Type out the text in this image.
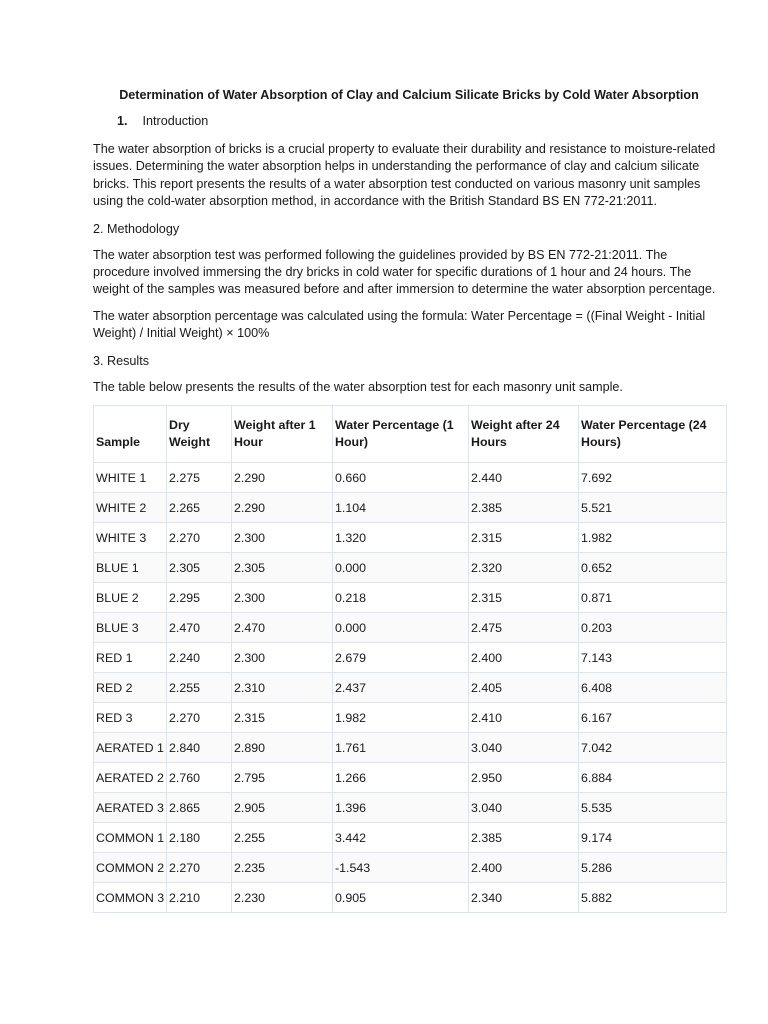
Determination of Water Absorption of Clay and Calcium Silicate Bricks by Cold Water Absorption
1. Introduction

The water absorption of bricks is a crucial property to evaluate their durability and resistance to moisture-related issues. Determining the water absorption helps in understanding the performance of clay and calcium silicate bricks. This report presents the results of a water absorption test conducted on various masonry unit samples using the cold-water absorption method, in accordance with the British Standard BS EN 772-21:2011.

2. Methodology

The water absorption test was performed following the guidelines provided by BS EN 772-21:2011. The procedure involved immersing the dry bricks in cold water for specific durations of 1 hour and 24 hours. The weight of the samples was measured before and after immersion to determine the water absorption percentage.

The water absorption percentage was calculated using the formula: Water Percentage = ((Final Weight - Initial Weight) / Initial Weight) × 100%

3. Results

The table below presents the results of the water absorption test for each masonry unit sample.

Sample	Dry Weight	Weight after 1 Hour	Water Percentage (1 Hour)	Weight after 24 Hours	Water Percentage (24 Hours)
WHITE 1	2.275	2.290	0.660	2.440	7.692
WHITE 2	2.265	2.290	1.104	2.385	5.521
WHITE 3	2.270	2.300	1.320	2.315	1.982
BLUE 1	2.305	2.305	0.000	2.320	0.652
BLUE 2	2.295	2.300	0.218	2.315	0.871
BLUE 3	2.470	2.470	0.000	2.475	0.203
RED 1	2.240	2.300	2.679	2.400	7.143
RED 2	2.255	2.310	2.437	2.405	6.408
RED 3	2.270	2.315	1.982	2.410	6.167
AERATED 1	2.840	2.890	1.761	3.040	7.042
AERATED 2	2.760	2.795	1.266	2.950	6.884
AERATED 3	2.865	2.905	1.396	3.040	5.535
COMMON 1	2.180	2.255	3.442	2.385	9.174
COMMON 2	2.270	2.235	-1.543	2.400	5.286
COMMON 3	2.210	2.230	0.905	2.340	5.882
